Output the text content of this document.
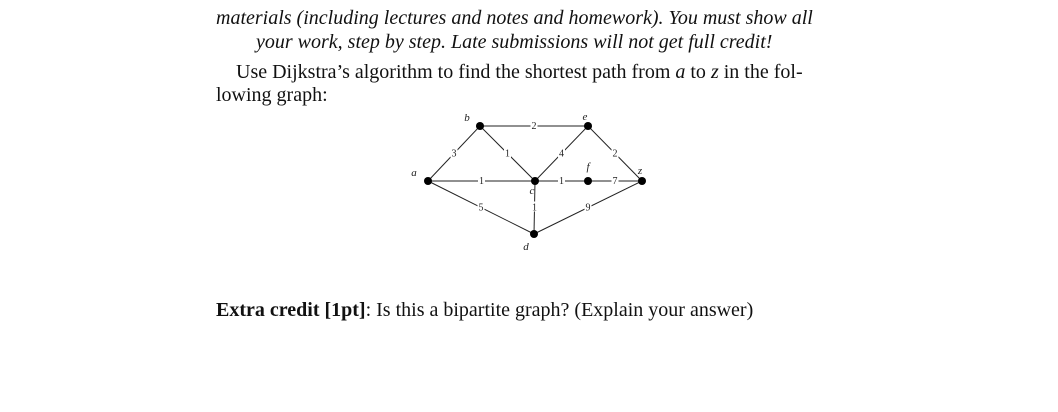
materials (including lectures and notes and homework). You must show all
your work, step by step. Late submissions will not get full credit!
Use Dijkstra’s algorithm to find the shortest path from a to z in the fol-
lowing graph:
3
1
5
2
1	4
1
1	9
2
7
a
b
c
d
e
f	z
Extra credit [1pt]: Is this a bipartite graph? (Explain your answer)
